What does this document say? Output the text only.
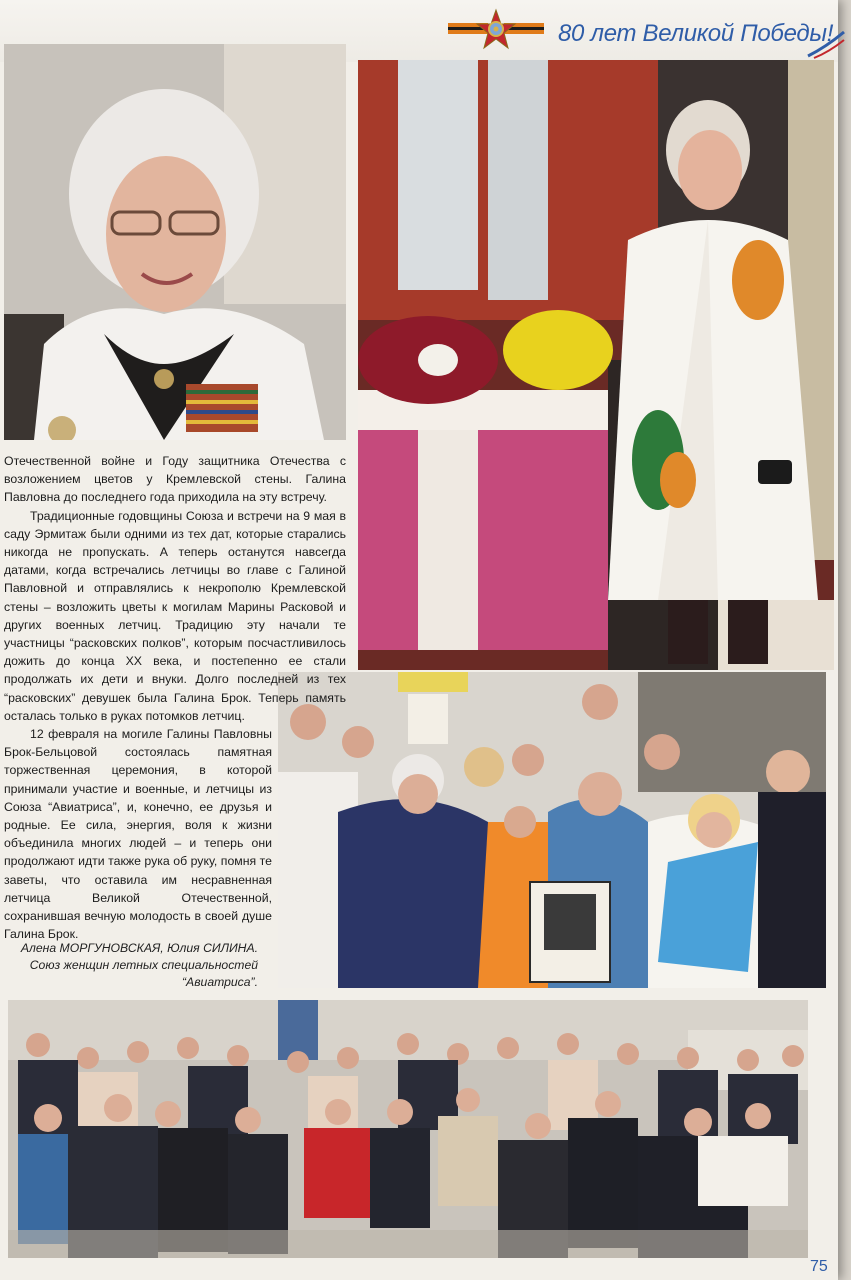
80 лет Великой Победы!

Отечественной войне и Году защитника Отечества с возложением цветов у Кремлевской стены. Галина Павловна до последнего года приходила на эту встречу.

Традиционные годовщины Союза и встречи на 9 мая в саду Эрмитаж были одними из тех дат, которые старались никогда не пропускать. А теперь останутся навсегда датами, когда встречались летчицы во главе с Галиной Павловной и отправлялись к некрополю Кремлевской стены – возложить цветы к могилам Марины Расковой и других военных летчиц. Традицию эту начали те участницы “расковских полков”, которым посчастливилось дожить до конца XX века, и постепенно ее стали продолжать их дети и внуки. Долго последней из тех “расковских” девушек была Галина Брок. Теперь память осталась только в руках потомков летчиц.

12 февраля на могиле Галины Павловны Брок-Бельцовой состоялась памятная торжественная церемония, в которой принимали участие и военные, и летчицы из Союза “Авиатриса”, и, конечно, ее друзья и родные. Ее сила, энергия, воля к жизни объединила многих людей – и теперь они продолжают идти также рука об руку, помня те заветы, что оставила им несравненная летчица Великой Отечественной, сохранившая вечную молодость в своей душе Галина Брок.

Алена МОРГУНОВСКАЯ, Юлия СИЛИНА.
Союз женщин летных специальностей
“Авиатриса”.
75
